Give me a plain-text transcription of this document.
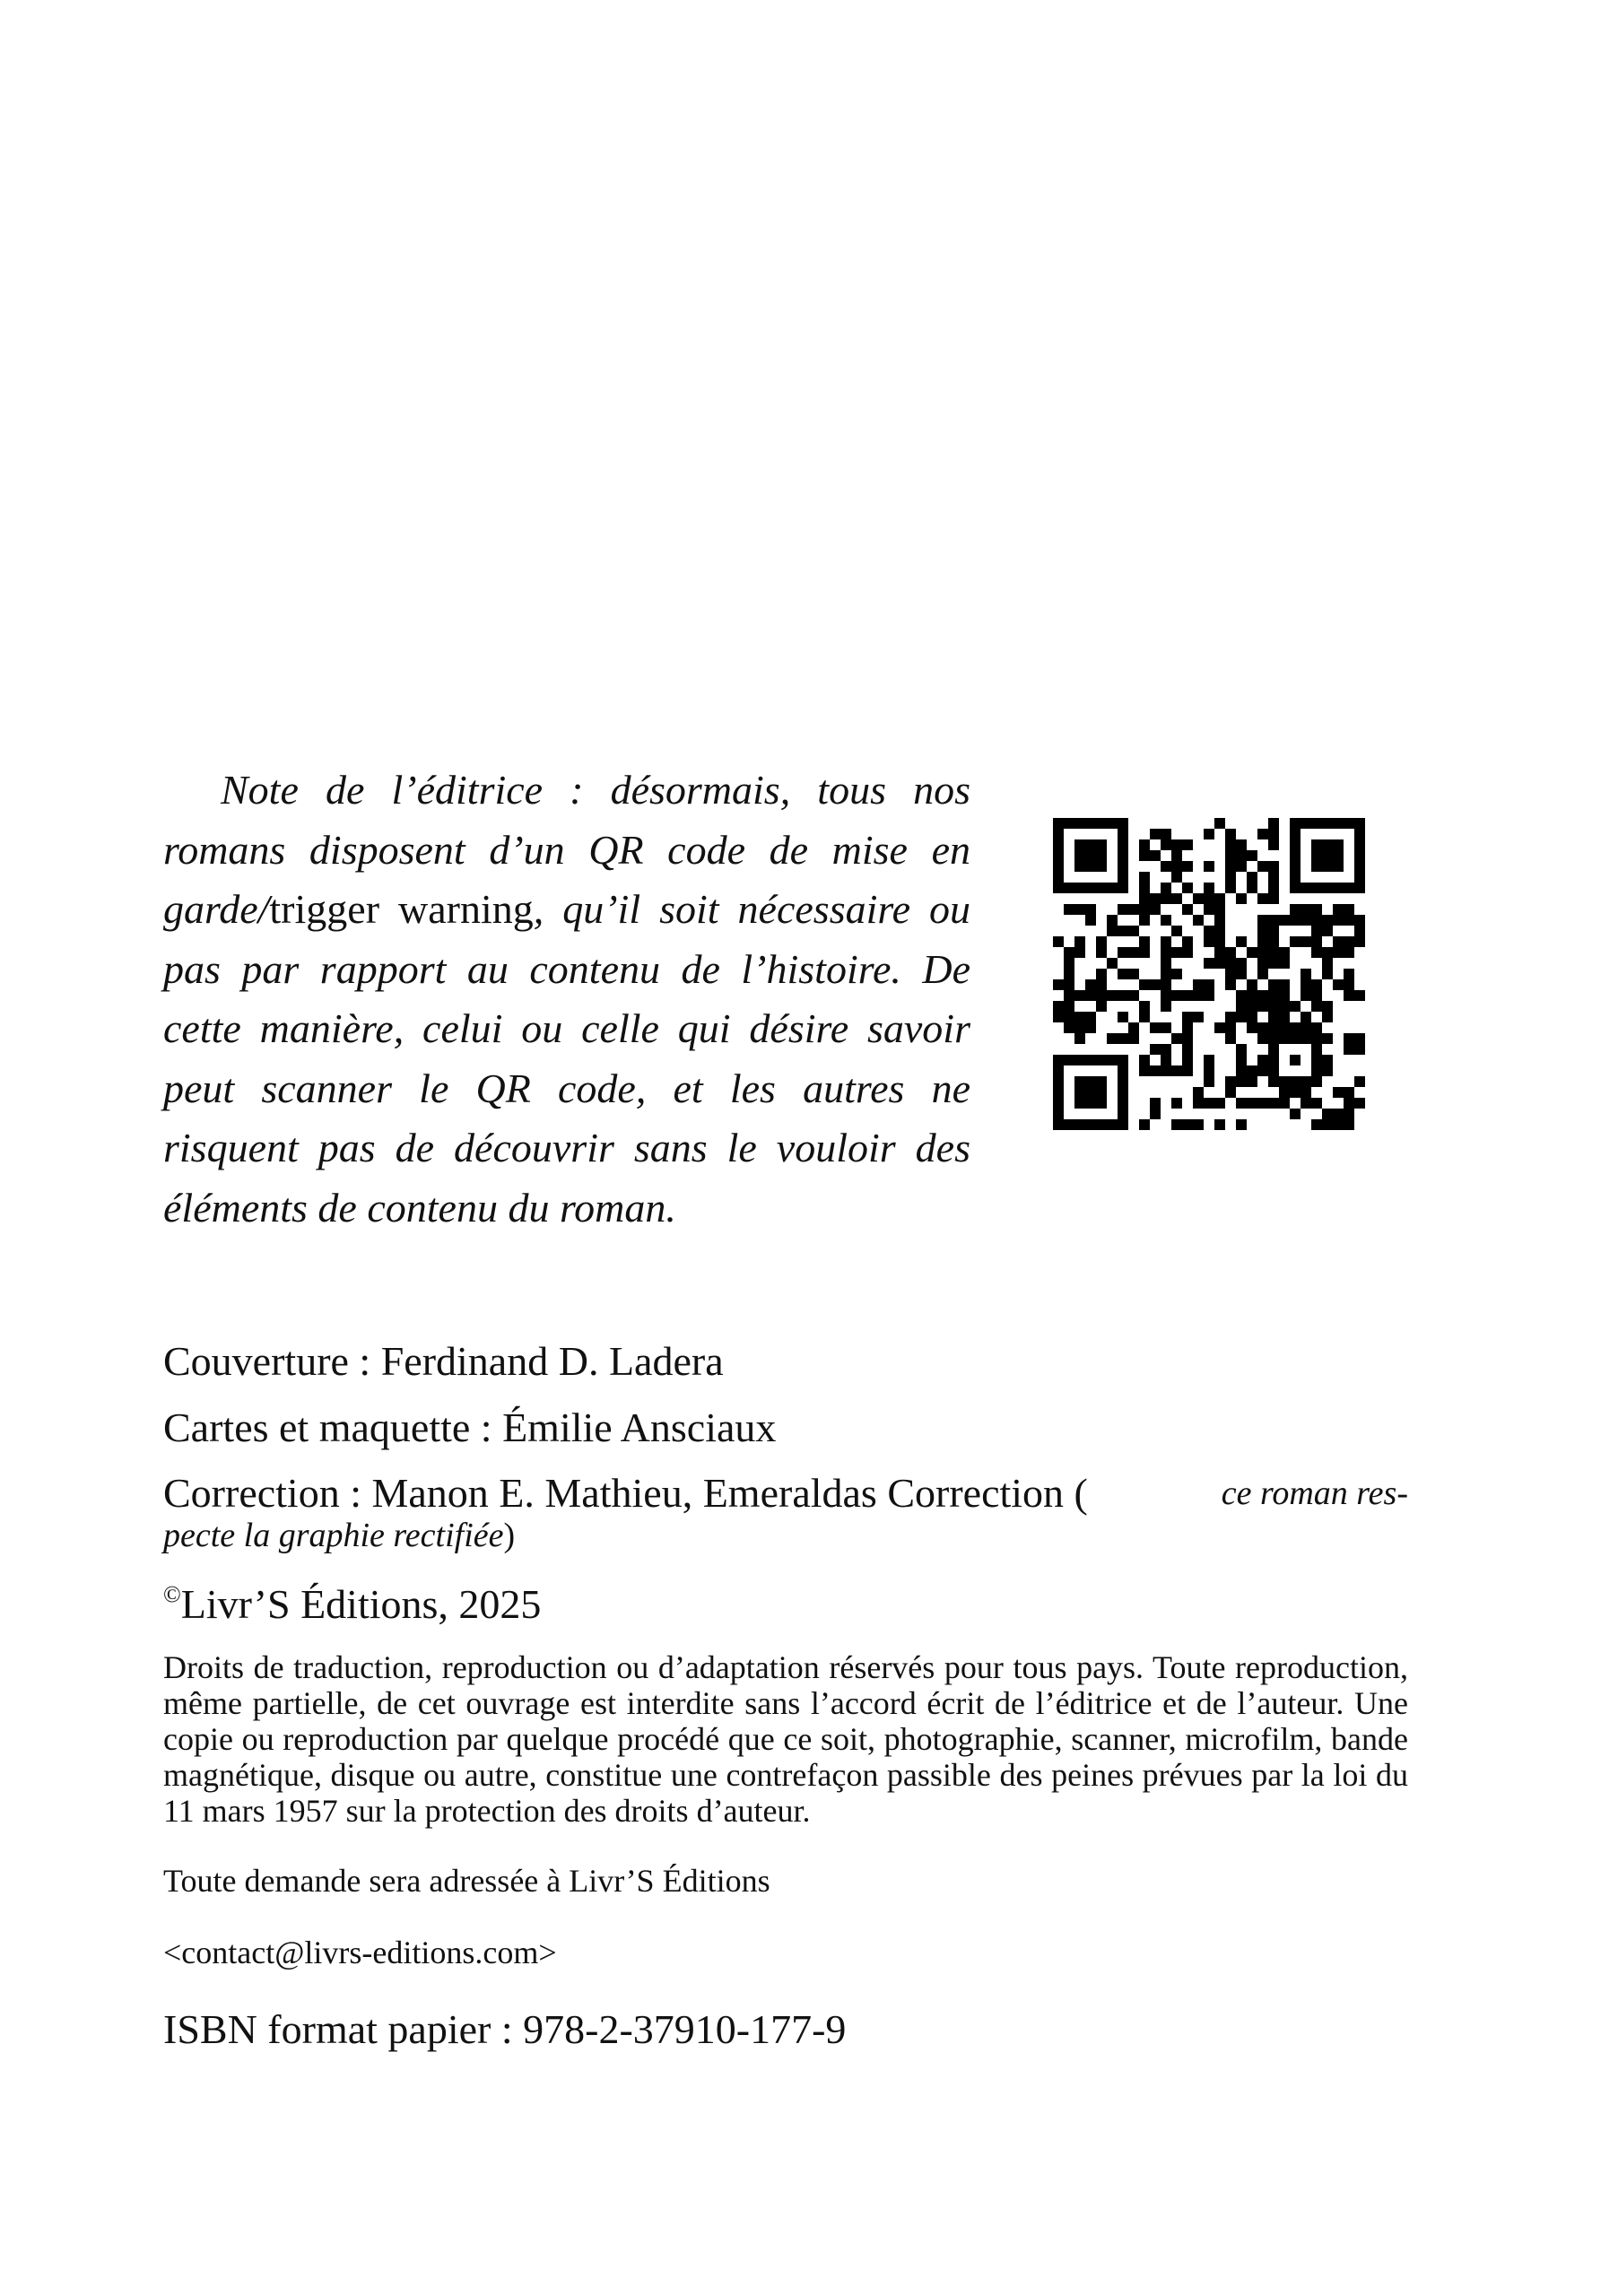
Note de l’éditrice : désormais, tous nos romans disposent d’un QR code de mise en garde/trigger warning, qu’il soit nécessaire ou pas par rapport au contenu de l’histoire. De cette manière, celui ou celle qui désire savoir peut scanner le QR code, et les autres ne risquent pas de découvrir sans le vouloir des éléments de contenu du roman.

Couverture : Ferdinand D. Ladera

Cartes et maquette : Émilie Ansciaux

Correction : Manon E. Mathieu, Emeraldas Correction (	ce roman res-
pecte la graphie rectifiée)

©Livr’S Éditions, 2025

Droits de traduction, reproduction ou d’adaptation réservés pour tous pays. Toute reproduction, même partielle, de cet ouvrage est interdite sans l’accord écrit de l’éditrice et de l’auteur. Une copie ou reproduction par quelque procédé que ce soit, photographie, scanner, microfilm, bande magnétique, disque ou autre, constitue une contrefaçon passible des peines prévues par la loi du 11 mars 1957 sur la protection des droits d’auteur.

Toute demande sera adressée à Livr’S Éditions

<contact@livrs-editions.com>

ISBN format papier : 978-2-37910-177-9
